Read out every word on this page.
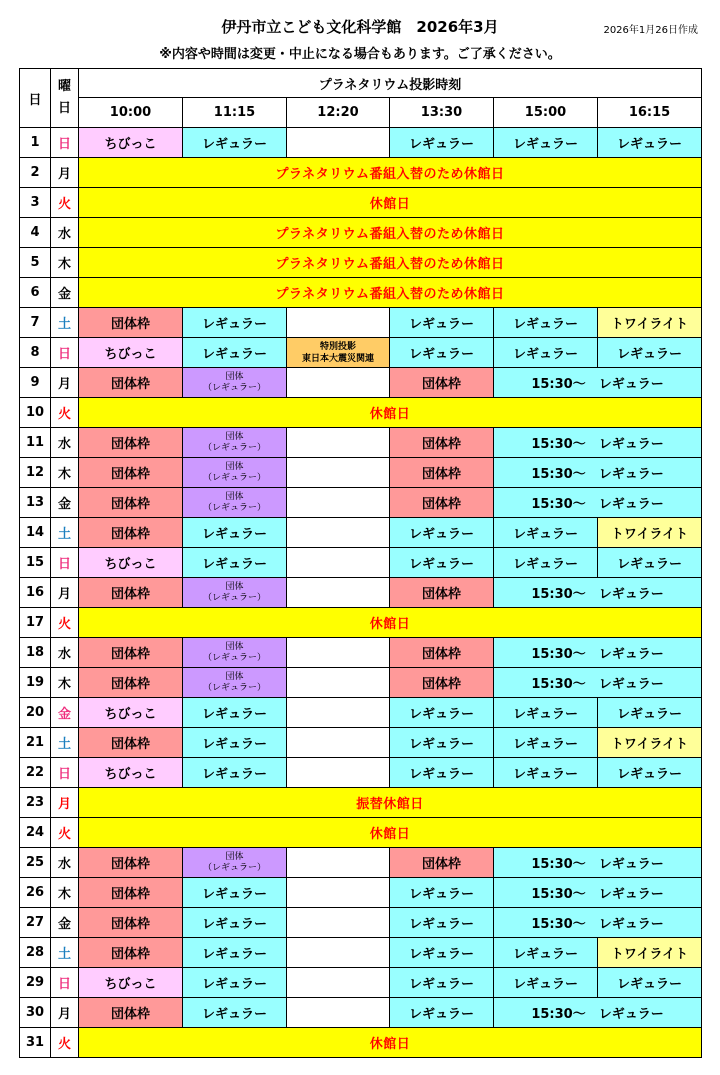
伊丹市立こども文化科学館　2026年3月	2026年1月26日作成
※内容や時間は変更・中止になる場合もあります。ご了承ください。
日	曜
日	プラネタリウム投影時刻					
		10:00	11:15	12:20	13:30	15:00	16:15
1	日	ちびっこ	レギュラー		レギュラー	レギュラー	レギュラー
2	月	プラネタリウム番組入替のため休館日					
3	火	休館日					
4	水	プラネタリウム番組入替のため休館日					
5	木	プラネタリウム番組入替のため休館日					
6	金	プラネタリウム番組入替のため休館日					
7	土	団体枠	レギュラー		レギュラー	レギュラー	トワイライト
8	日	ちびっこ	レギュラー	特別投影
東日本大震災関連	レギュラー	レギュラー	レギュラー
9	月	団体枠	団体
（レギュラー）		団体枠	15:30～　レギュラー	
10	火	休館日					
11	水	団体枠	団体
（レギュラー）		団体枠	15:30～　レギュラー	
12	木	団体枠	団体
（レギュラー）		団体枠	15:30～　レギュラー	
13	金	団体枠	団体
（レギュラー）		団体枠	15:30～　レギュラー	
14	土	団体枠	レギュラー		レギュラー	レギュラー	トワイライト
15	日	ちびっこ	レギュラー		レギュラー	レギュラー	レギュラー
16	月	団体枠	団体
（レギュラー）		団体枠	15:30～　レギュラー	
17	火	休館日					
18	水	団体枠	団体
（レギュラー）		団体枠	15:30～　レギュラー	
19	木	団体枠	団体
（レギュラー）		団体枠	15:30～　レギュラー	
20	金	ちびっこ	レギュラー		レギュラー	レギュラー	レギュラー
21	土	団体枠	レギュラー		レギュラー	レギュラー	トワイライト
22	日	ちびっこ	レギュラー		レギュラー	レギュラー	レギュラー
23	月	振替休館日					
24	火	休館日					
25	水	団体枠	団体
（レギュラー）		団体枠	15:30～　レギュラー	
26	木	団体枠	レギュラー		レギュラー	15:30～　レギュラー	
27	金	団体枠	レギュラー		レギュラー	15:30～　レギュラー	
28	土	団体枠	レギュラー		レギュラー	レギュラー	トワイライト
29	日	ちびっこ	レギュラー		レギュラー	レギュラー	レギュラー
30	月	団体枠	レギュラー		レギュラー	15:30～　レギュラー	
31	火	休館日					
